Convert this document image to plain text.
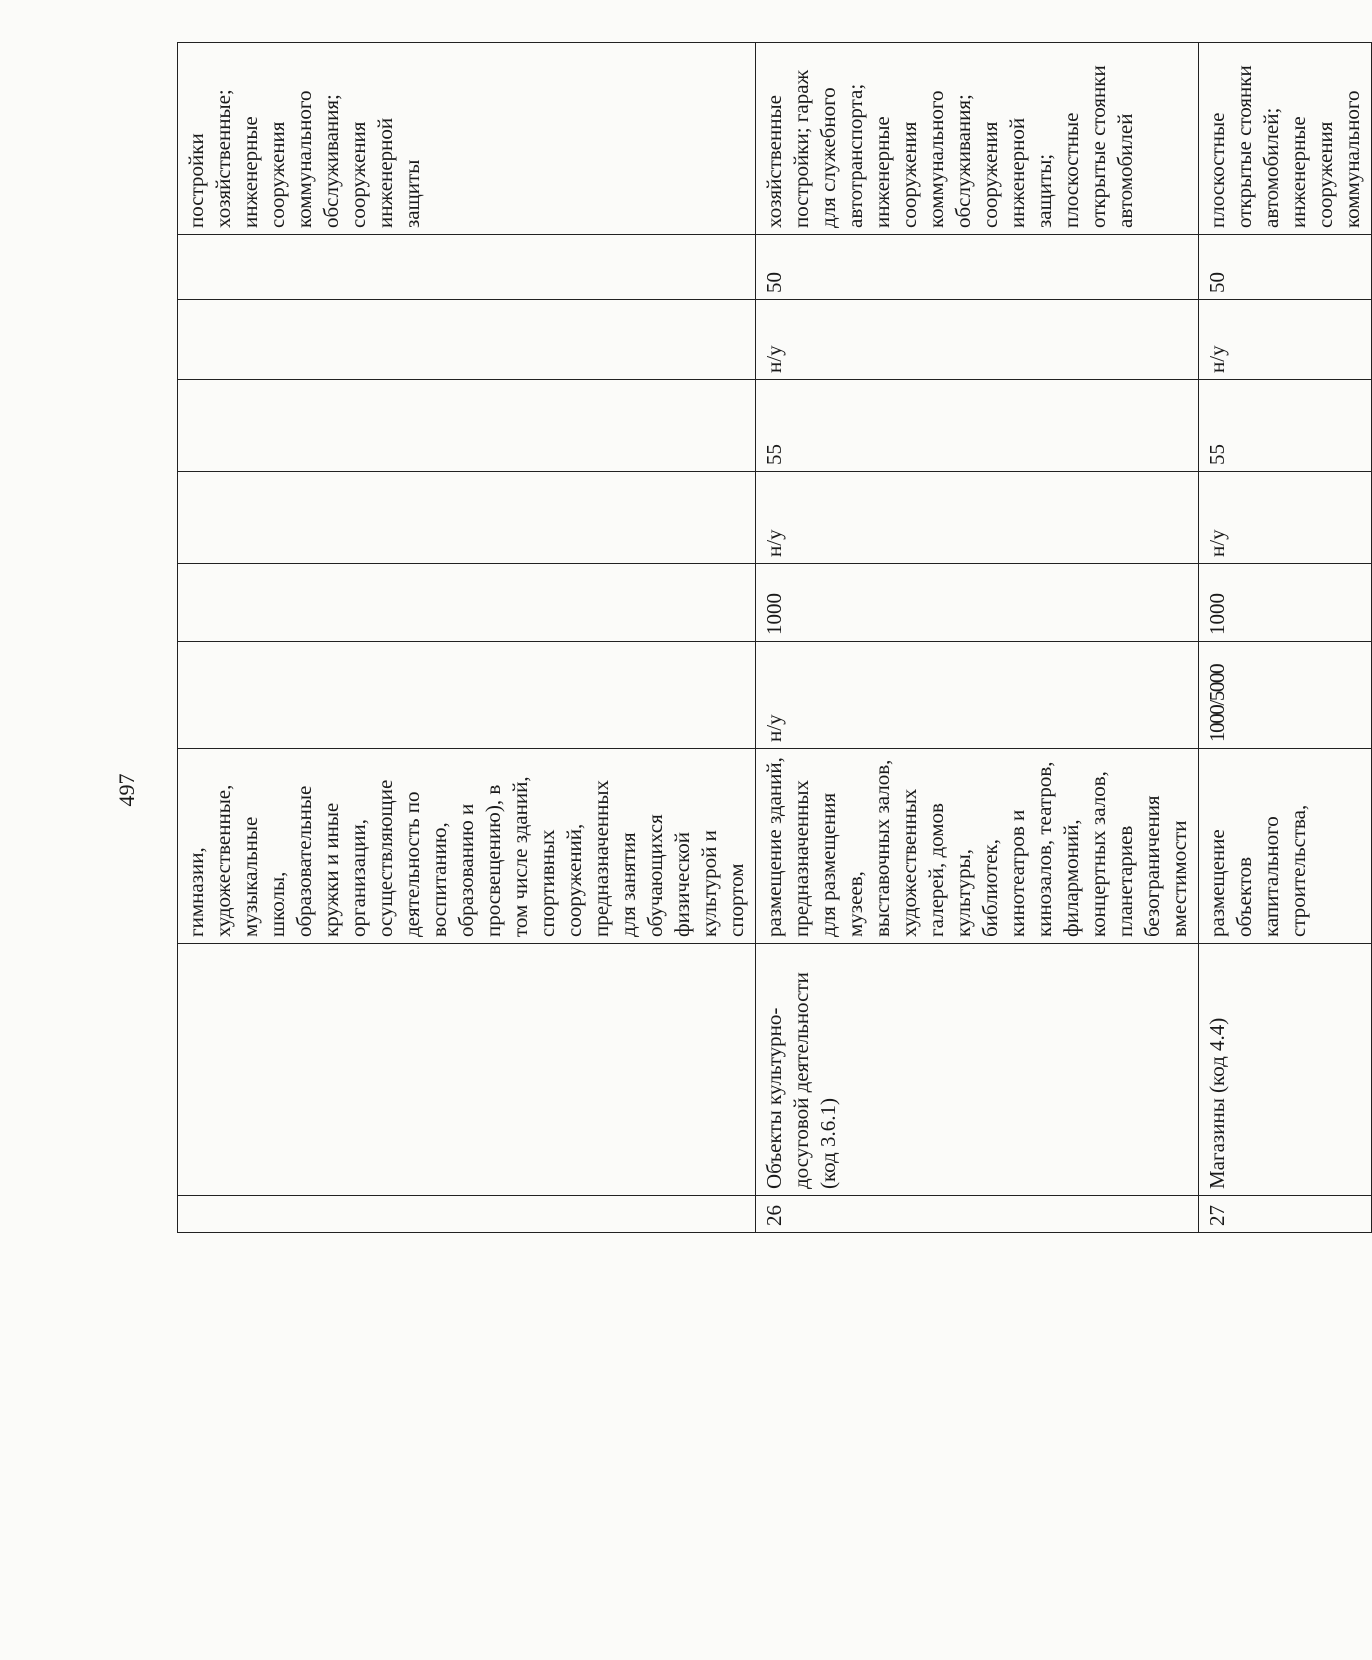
497
		гимназии, художественные, музыкальные школы, образовательные кружки и иные организации, осуществляющие деятельность по воспитанию, образованию и просвещению), в том числе зданий, спортивных сооружений, предназначенных для занятия обучающихся физической культурой и спортом							постройки хозяйственные; инженерные сооружения коммунального обслуживания; сооружения инженерной защиты
26	Объекты культурно-досуговой деятельности (код 3.6.1)	размещение зданий, предназначенных для размещения музеев, выставочных залов, художественных галерей, домов культуры, библиотек, кинотеатров и кинозалов, театров, филармоний, концертных залов, планетариев безограничения вместимости	н/у	1000	н/у	55	н/у	50	хозяйственные постройки; гараж для служебного автотранспорта; инженерные сооружения коммунального обслуживания; сооружения инженерной защиты; плоскостные открытые стоянки автомобилей
27	Магазины (код 4.4)	размещение объектов капитального строительства,	1000/5000	1000	н/у	55	н/у	50	плоскостные открытые стоянки автомобилей; инженерные сооружения коммунального
